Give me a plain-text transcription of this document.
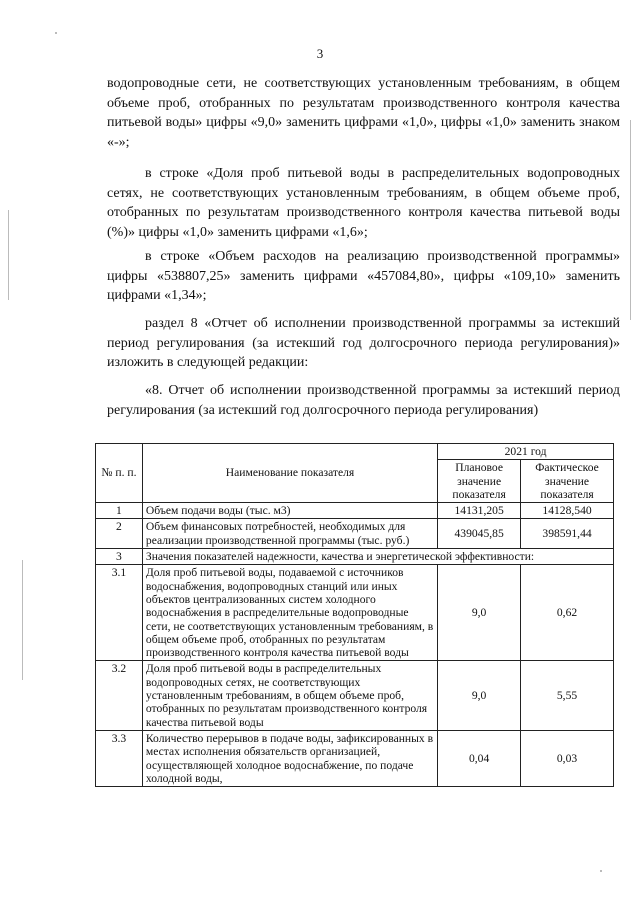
3
водопроводные сети, не соответствующих установленным требованиям, в общем объеме проб, отобранных по результатам производственного контроля качества питьевой воды» цифры «9,0» заменить цифрами «1,0», цифры «1,0» заменить знаком «-»;
в строке «Доля проб питьевой воды в распределительных водопроводных сетях, не соответствующих установленным требованиям, в общем объеме проб, отобранных по результатам производственного контроля качества питьевой воды (%)» цифры «1,0» заменить цифрами «1,6»;
в строке «Объем расходов на реализацию производственной программы» цифры «538807,25» заменить цифрами «457084,80», цифры «109,10» заменить цифрами «1,34»;
раздел 8 «Отчет об исполнении производственной программы за истекший период регулирования (за истекший год долгосрочного периода регулирования)» изложить в следующей редакции:
«8. Отчет об исполнении производственной программы за истекший период регулирования (за истекший год долгосрочного периода регулирования)
№ п. п.	Наименование показателя	2021 год	
		Плановое значение показателя	Фактическое значение показателя
1	Объем подачи воды (тыс. м3)	14131,205	14128,540
2	Объем финансовых потребностей, необходимых для реализации производственной программы (тыс. руб.)	439045,85	398591,44
3	Значения показателей надежности, качества и энергетической эффективности:		
3.1	Доля проб питьевой воды, подаваемой с источников водоснабжения, водопроводных станций или иных объектов централизованных систем холодного водоснабжения в распределительные водопроводные сети, не соответствующих установленным требованиям, в общем объеме проб, отобранных по результатам производственного контроля качества питьевой воды	9,0	0,62
3.2	Доля проб питьевой воды в распределительных водопроводных сетях, не соответствующих установленным требованиям, в общем объеме проб, отобранных по результатам производственного контроля качества питьевой воды	9,0	5,55
3.3	Количество перерывов в подаче воды, зафиксированных в местах исполнения обязательств организацией, осуществляющей холодное водоснабжение, по подаче холодной воды,	0,04	0,03
